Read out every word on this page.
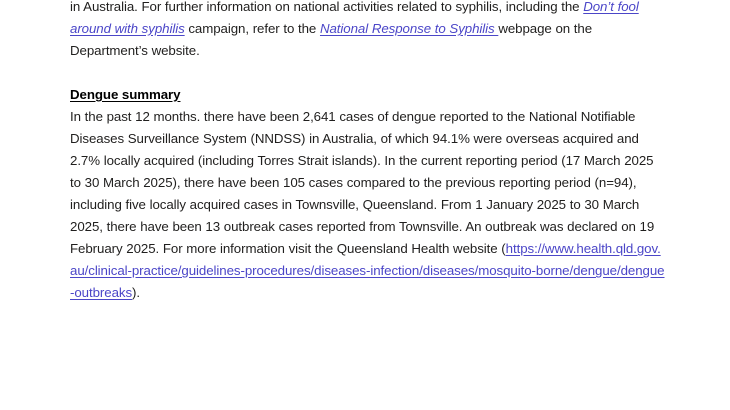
in Australia. For further information on national activities related to syphilis, including the Don’t fool around with syphilis campaign, refer to the National Response to Syphilis webpage on the Department’s website.

Dengue summary

In the past 12 months. there have been 2,641 cases of dengue reported to the National Notifiable Diseases Surveillance System (NNDSS) in Australia, of which 94.1% were overseas acquired and 2.7% locally acquired (including Torres Strait islands). In the current reporting period (17 March 2025 to 30 March 2025), there have been 105 cases compared to the previous reporting period (n=94), including five locally acquired cases in Townsville, Queensland. From 1 January 2025 to 30 March 2025, there have been 13 outbreak cases reported from Townsville. An outbreak was declared on 19 February 2025. For more information visit the Queensland Health website (https://www.health.qld.gov.au/clinical-practice/guidelines-procedures/diseases-infection/diseases/mosquito-borne/dengue/dengue-outbreaks).
